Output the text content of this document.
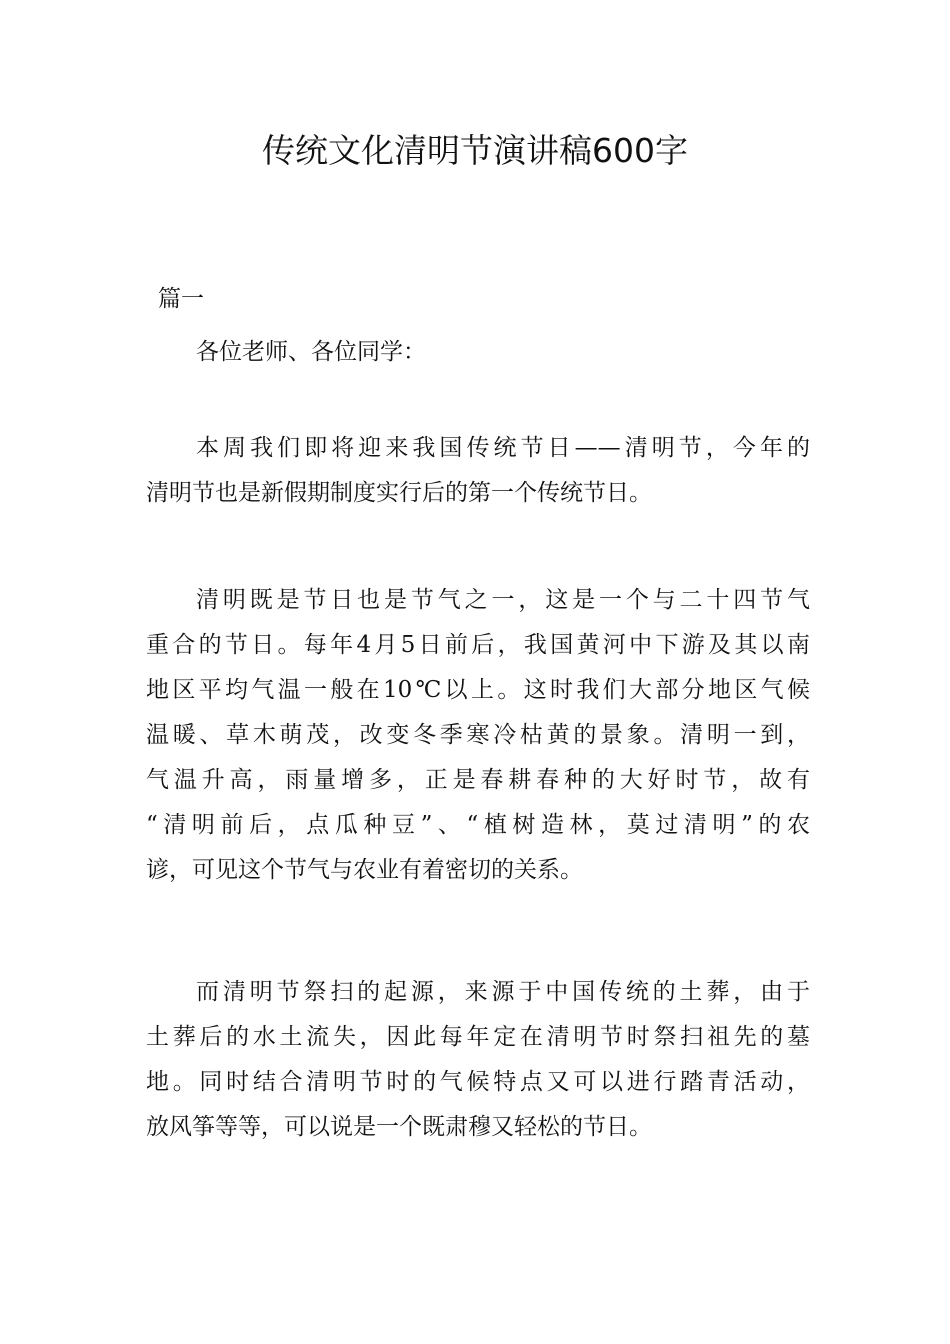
传统文化清明节演讲稿600字
篇一
各位老师、各位同学：
本周我们即将迎来我国传统节日——清明节，今年的
清明节也是新假期制度实行后的第一个传统节日。
清明既是节日也是节气之一，这是一个与二十四节气
重合的节日。每年4月5日前后，我国黄河中下游及其以南
地区平均气温一般在10℃以上。这时我们大部分地区气候
温暖、草木萌茂，改变冬季寒冷枯黄的景象。清明一到，
气温升高，雨量增多，正是春耕春种的大好时节，故有
“清明前后，点瓜种豆”、“植树造林，莫过清明”的农
谚，可见这个节气与农业有着密切的关系。
而清明节祭扫的起源，来源于中国传统的土葬，由于
土葬后的水土流失，因此每年定在清明节时祭扫祖先的墓
地。同时结合清明节时的气候特点又可以进行踏青活动，
放风筝等等，可以说是一个既肃穆又轻松的节日。
